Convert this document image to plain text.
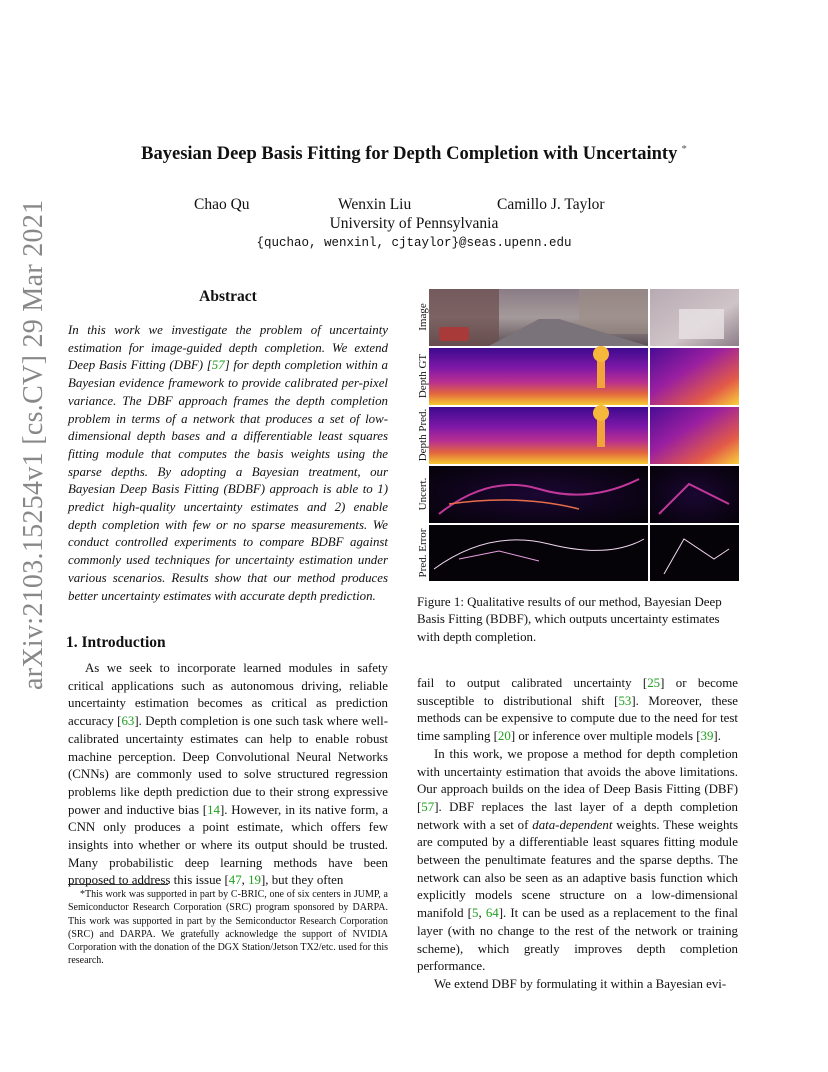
arXiv:2103.15254v1 [cs.CV] 29 Mar 2021
Bayesian Deep Basis Fitting for Depth Completion with Uncertainty *
Chao Qu	Wenxin Liu	Camillo J. Taylor
University of Pennsylvania
{quchao, wenxinl, cjtaylor}@seas.upenn.edu
Abstract
In this work we investigate the problem of uncertainty estimation for image-guided depth completion. We extend Deep Basis Fitting (DBF) [57] for depth completion within a Bayesian evidence framework to provide calibrated per-pixel variance. The DBF approach frames the depth completion problem in terms of a network that produces a set of low-dimensional depth bases and a differentiable least squares fitting module that computes the basis weights using the sparse depths. By adopting a Bayesian treatment, our Bayesian Deep Basis Fitting (BDBF) approach is able to 1) predict high-quality uncertainty estimates and 2) enable depth completion with few or no sparse measurements. We conduct controlled experiments to compare BDBF against commonly used techniques for uncertainty estimation under various scenarios. Results show that our method produces better uncertainty estimates with accurate depth prediction.
1. Introduction

As we seek to incorporate learned modules in safety critical applications such as autonomous driving, reliable uncertainty estimation becomes as critical as prediction accuracy [63]. Depth completion is one such task where well-calibrated uncertainty estimates can help to enable robust machine perception. Deep Convolutional Neural Networks (CNNs) are commonly used to solve structured regression problems like depth prediction due to their strong expressive power and inductive bias [14]. However, in its native form, a CNN only produces a point estimate, which offers few insights into whether or where its output should be trusted. Many probabilistic deep learning methods have been proposed to address this issue [47, 19], but they often

*This work was supported in part by C-BRIC, one of six centers in JUMP, a Semiconductor Research Corporation (SRC) program sponsored by DARPA. This work was supported in part by the Semiconductor Research Corporation (SRC) and DARPA. We gratefully acknowledge the support of NVIDIA Corporation with the donation of the DGX Station/Jetson TX2/etc. used for this research.

Image
Depth GT
Depth Pred.
Uncert.
Pred. Error
Figure 1: Qualitative results of our method, Bayesian Deep Basis Fitting (BDBF), which outputs uncertainty estimates with depth completion.

fail to output calibrated uncertainty [25] or become susceptible to distributional shift [53]. Moreover, these methods can be expensive to compute due to the need for test time sampling [20] or inference over multiple models [39].

In this work, we propose a method for depth completion with uncertainty estimation that avoids the above limitations. Our approach builds on the idea of Deep Basis Fitting (DBF) [57]. DBF replaces the last layer of a depth completion network with a set of data-dependent weights. These weights are computed by a differentiable least squares fitting module between the penultimate features and the sparse depths. The network can also be seen as an adaptive basis function which explicitly models scene structure on a low-dimensional manifold [5, 64]. It can be used as a replacement to the final layer (with no change to the rest of the network or training scheme), which greatly improves depth completion performance.

We extend DBF by formulating it within a Bayesian evi-
